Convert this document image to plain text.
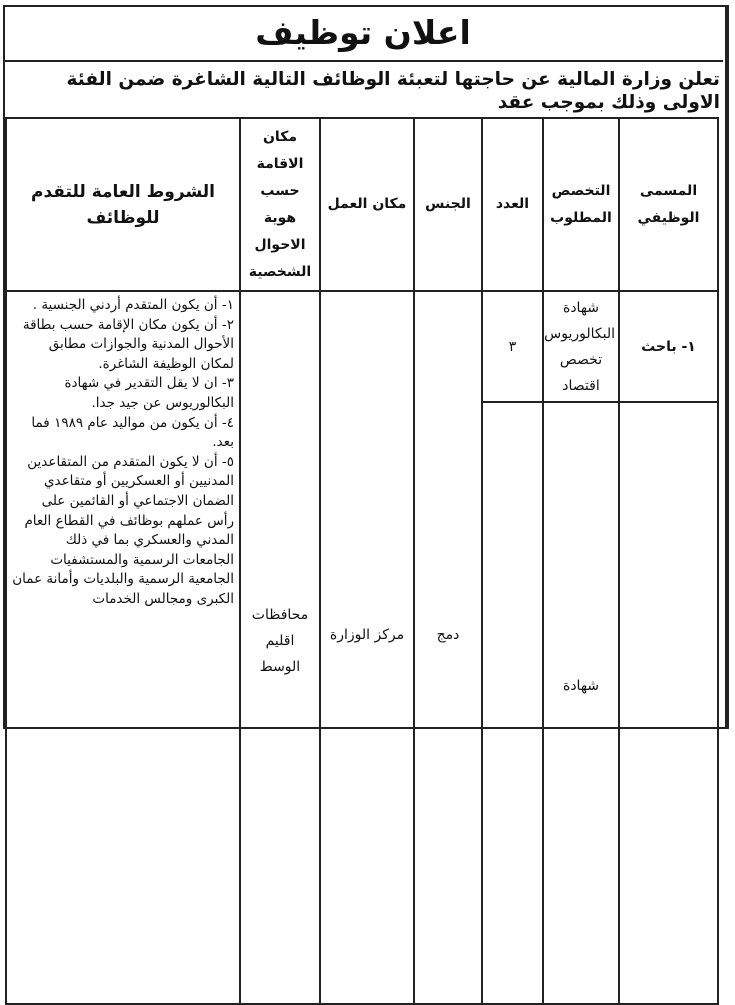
اعلان توظيف
تعلن وزارة المالية عن حاجتها لتعبئة الوظائف التالية الشاغرة ضمن الفئة الاولى وذلك بموجب عقد
المسمى الوظيفي	التخصص المطلوب	العدد	الجنس	مكان العمل	مكان الاقامة حسب هوية الاحوال الشخصية	الشروط العامة للتقدم للوظائف
١- باحث	شهادة البكالوريوس تخصص اقتصاد	٣	دمج	مركز الوزارة	محافظات اقليم الوسط	١- أن يكون المتقدم أردني الجنسية .
٢- أن يكون مكان الإقامة حسب بطاقة الأحوال المدنية والجوازات مطابق لمكان الوظيفة الشاغرة.
٣- ان لا يقل التقدير في شهادة البكالوريوس عن جيد جدا.
٤- أن يكون من مواليد عام ١٩٨٩ فما بعد.
٥- أن لا يكون المتقدم من المتقاعدين المدنيين أو العسكريين أو متقاعدي الضمان الاجتماعي أو القائمين على رأس عملهم بوظائف في القطاع العام المدني والعسكري بما في ذلك الجامعات الرسمية والمستشفيات الجامعية الرسمية والبلديات وأمانة عمان الكبرى ومجالس الخدمات

	شهادة					
